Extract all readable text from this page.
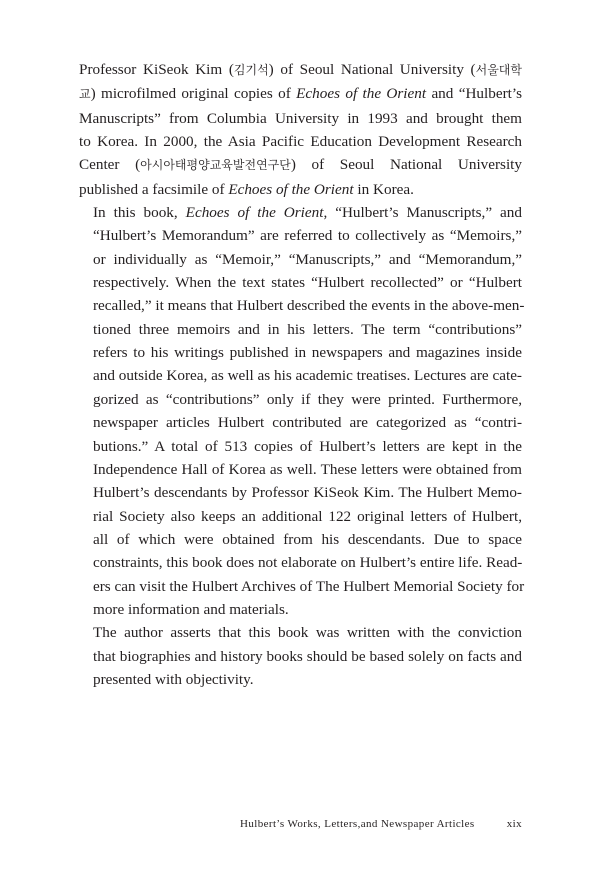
Professor KiSeok Kim (김기석) of Seoul National University (서울대학
교) microfilmed original copies of Echoes of the Orient and “Hulbert’s
Manuscripts” from Columbia University in 1993 and brought them
to Korea. In 2000, the Asia Pacific Education Development Research
Center (아시아태평양교육발전연구단) of Seoul National University
published a facsimile of Echoes of the Orient in Korea.

In this book, Echoes of the Orient, “Hulbert’s Manuscripts,” and
“Hulbert’s Memorandum” are referred to collectively as “Memoirs,”
or individually as “Memoir,” “Manuscripts,” and “Memorandum,”
respectively. When the text states “Hulbert recollected” or “Hulbert
recalled,” it means that Hulbert described the events in the above-men-
tioned three memoirs and in his letters. The term “contributions”
refers to his writings published in newspapers and magazines inside
and outside Korea, as well as his academic treatises. Lectures are cate-
gorized as “contributions” only if they were printed. Furthermore,
newspaper articles Hulbert contributed are categorized as “contri-
butions.” A total of 513 copies of Hulbert’s letters are kept in the
Independence Hall of Korea as well. These letters were obtained from
Hulbert’s descendants by Professor KiSeok Kim. The Hulbert Memo-
rial Society also keeps an additional 122 original letters of Hulbert,
all of which were obtained from his descendants. Due to space
constraints, this book does not elaborate on Hulbert’s entire life. Read-
ers can visit the Hulbert Archives of The Hulbert Memorial Society for
more information and materials.

The author asserts that this book was written with the conviction
that biographies and history books should be based solely on facts and
presented with objectivity.

Hulbert’s Works, Letters,and Newspaper Articles	xix
